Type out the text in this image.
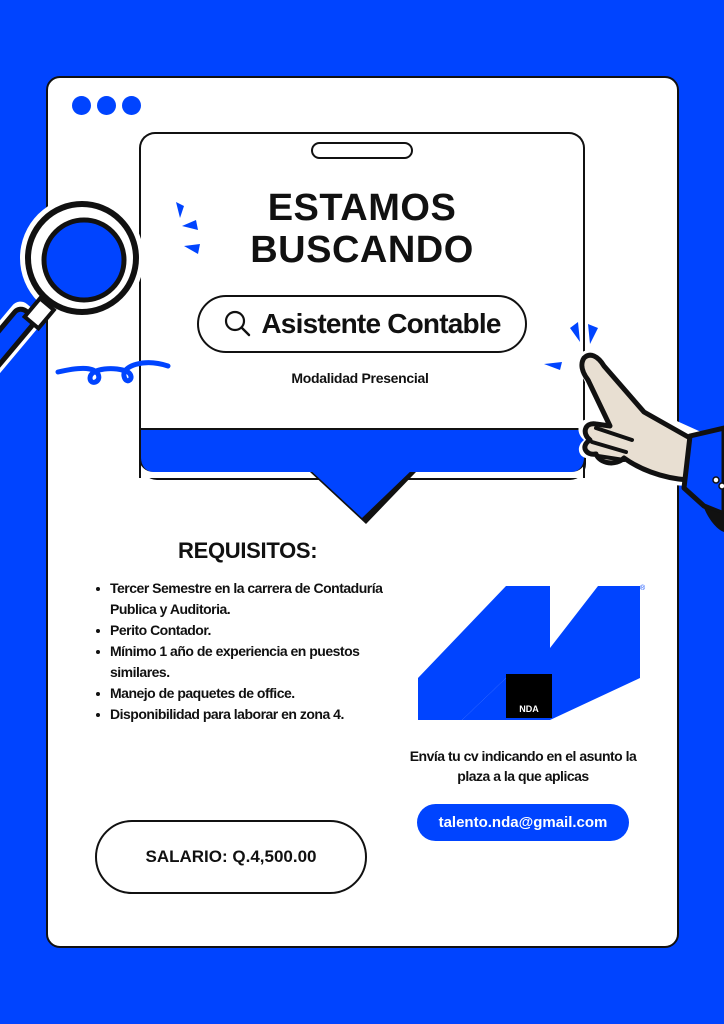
ESTAMOS
BUSCANDO
Asistente Contable
Modalidad Presencial
REQUISITOS:
Tercer Semestre en la carrera de Contaduría Publica y Auditoria.
Perito Contador.
Mínimo 1 año de experiencia en puestos similares.
Manejo de paquetes de office.
Disponibilidad para laborar en zona 4.	NDA
®
Envía tu cv indicando en el asunto la plaza a la que aplicas
talento.nda@gmail.com
SALARIO: Q.4,500.00
